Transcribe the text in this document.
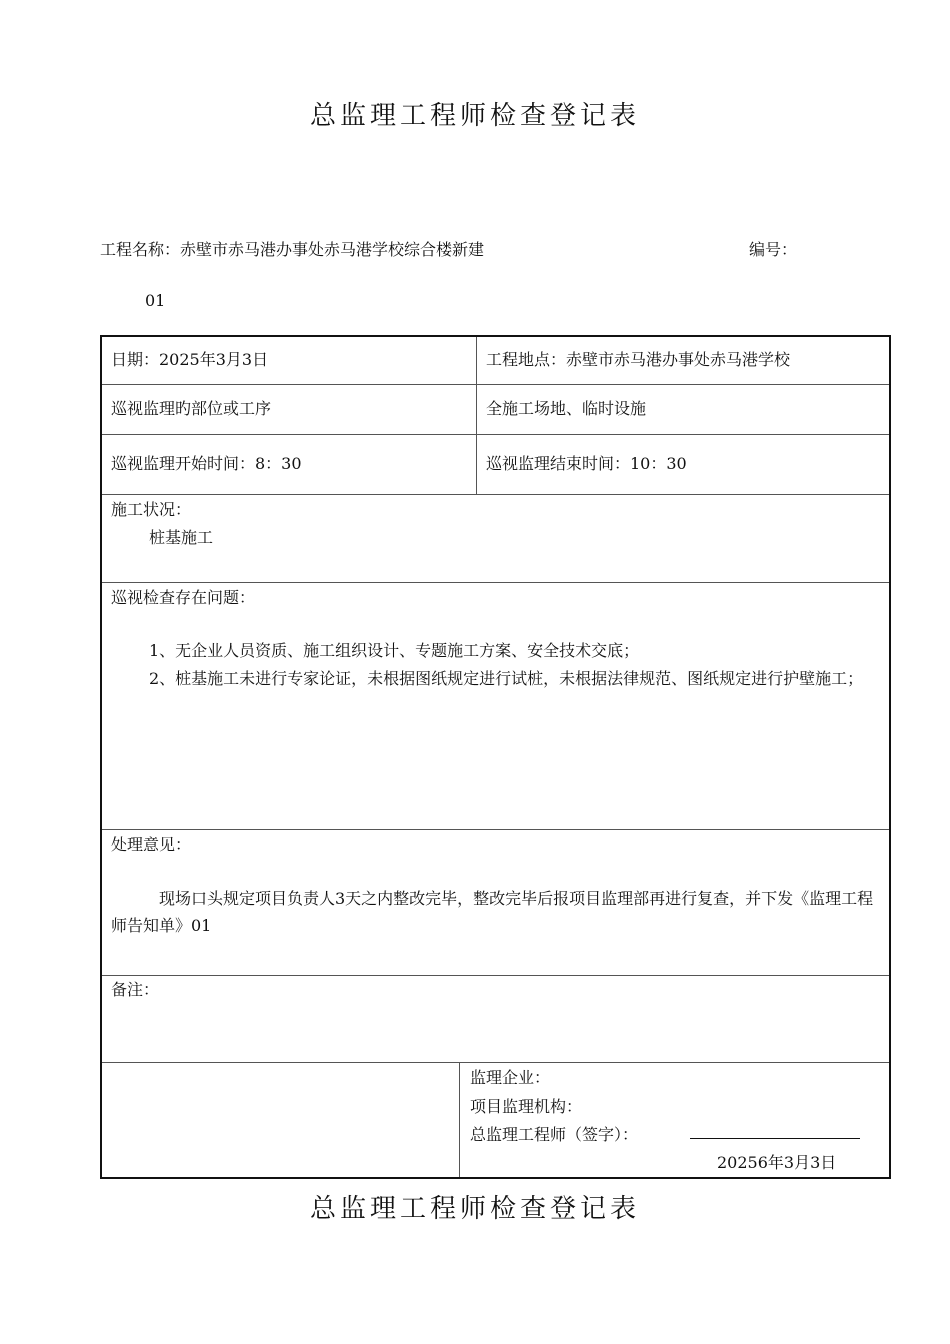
总监理工程师检查登记表
工程名称：赤壁市赤马港办事处赤马港学校综合楼新建	编号：
01
日期：2025年3月3日	工程地点：赤壁市赤马港办事处赤马港学校
巡视监理旳部位或工序	全施工场地、临时设施
巡视监理开始时间：8：30	巡视监理结束时间：10：30
施工状况：
桩基施工
巡视检查存在问题：
1、无企业人员资质、施工组织设计、专题施工方案、安全技术交底；
2、桩基施工未进行专家论证，未根据图纸规定进行试桩，未根据法律规范、图纸规定进行护壁施工；
处理意见：
现场口头规定项目负责人3天之内整改完毕，整改完毕后报项目监理部再进行复查，并下发《监理工程师告知单》01
备注：
监理企业：
项目监理机构：
总监理工程师（签字）：
20256年3月3日
总监理工程师检查登记表
